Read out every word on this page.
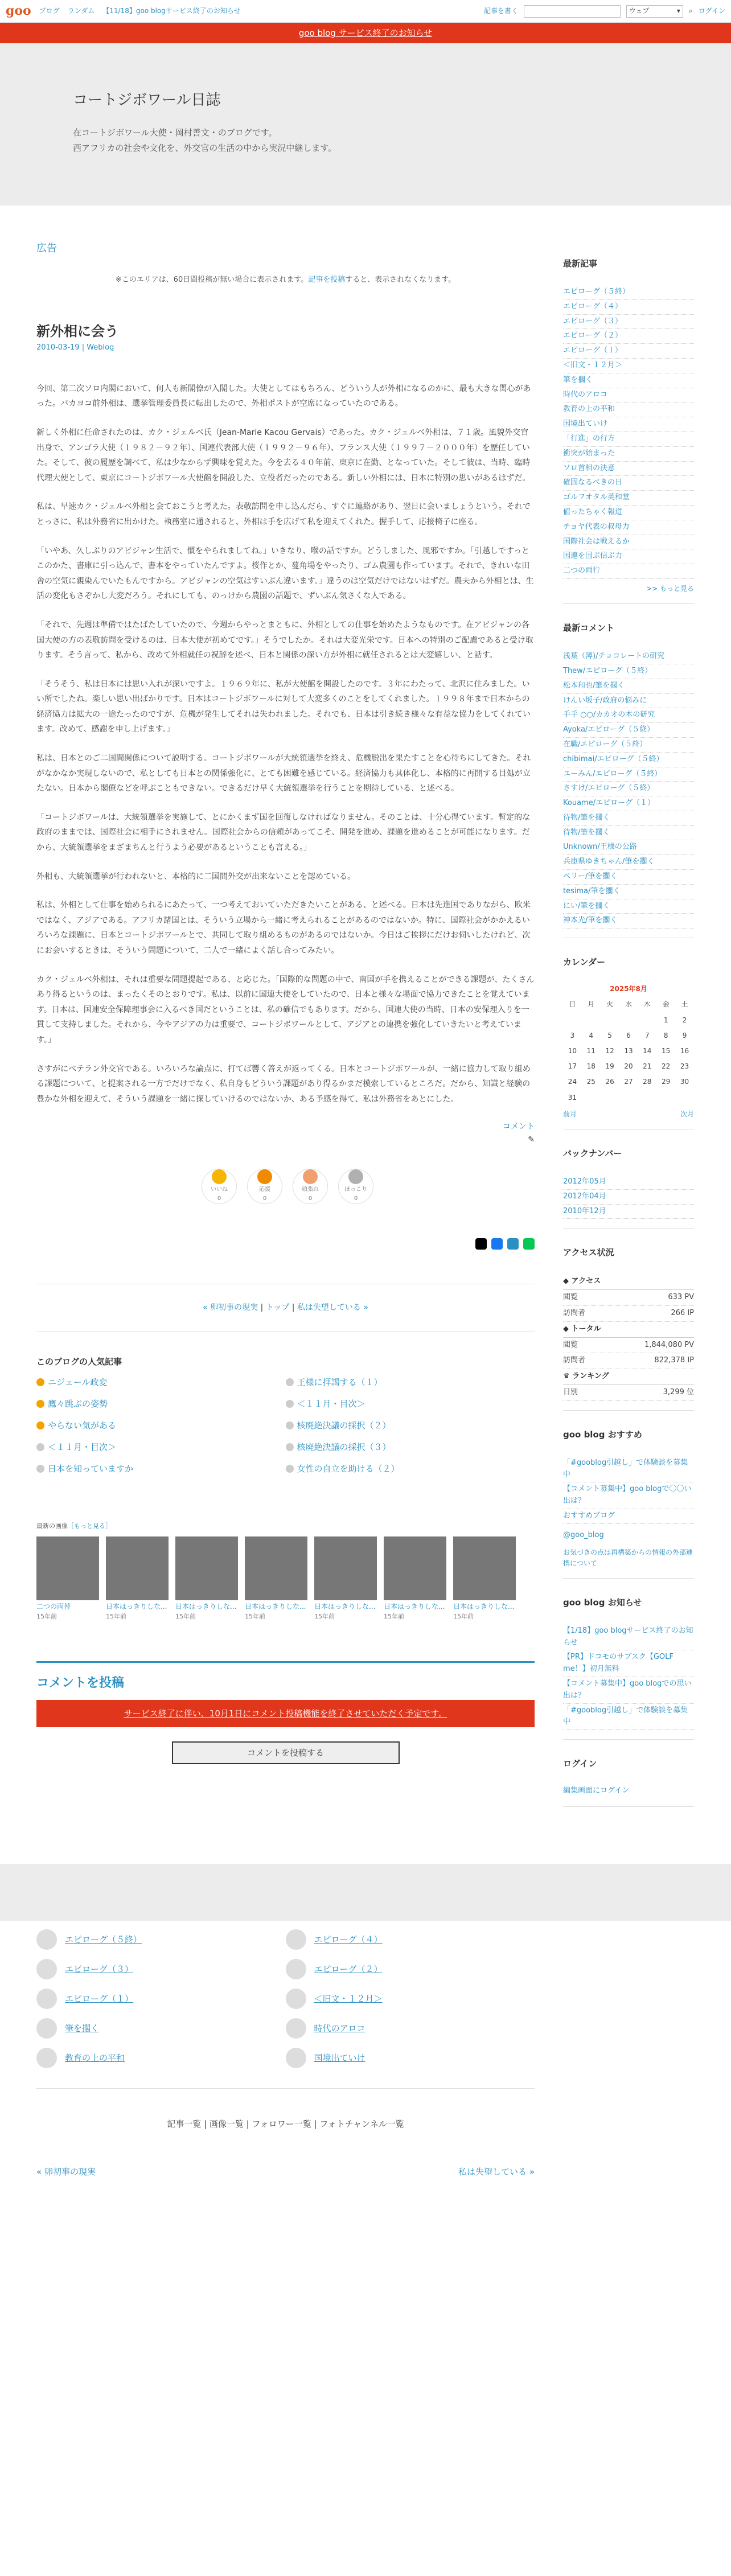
goo ブログ ランダム 【11/18】goo blogサービス終了のお知らせ	記事を書く	ウェブ	▾ ⌕ ログイン
goo blog サービス終了のお知らせ
コートジボワール日誌

在コートジボワール大使・岡村善文・のブログです。

西アフリカの社会や文化を、外交官の生活の中から実況中継します。

広告
※このエリアは、60日間投稿が無い場合に表示されます。記事を投稿すると、表示されなくなります。
新外相に会う
2010-03-19 | Weblog

今回、第二次ソロ内閣において、何人も新閣僚が入閣した。大使としてはもちろん、どういう人が外相になるのかに、最も大きな関心があった。バカヨコ前外相は、選挙管理委員長に転出したので、外相ポストが空席になっていたのである。

新しく外相に任命されたのは、カク・ジェルベ氏（Jean-Marie Kacou Gervais）であった。カク・ジェルベ外相は、７１歳。風貌外交官出身で、アンゴラ大使（１９８２－９２年）、国連代表部大使（１９９２－９６年）、フランス大使（１９９７－２０００年）を歴任していた。そして、彼の履歴を調べて、私は少なからず興味を覚えた。今を去る４０年前、東京に在勤、となっていた。そして彼は、当時、臨時代理大使として、東京にコートジボワール大使館を開設した、立役者だったのである。新しい外相には、日本に特別の思いがあるはずだ。

私は、早速カク・ジェルベ外相と会ておこうと考えた。表敬訪問を申し込んだら、すぐに連絡があり、翌日に会いましょうという。それでとっさに、私は外務省に出かけた。執務室に通されると、外相は手を広げて私を迎えてくれた。握手して、応接椅子に座る。

「いやあ、久しぶりのアビジャン生活で、慣をやられましてね。」いきなり、喉の話ですか。どうしました、風邪ですか。「引越しですっとこのかた、書庫に引っ込んで、書本をやっていたんですよ。桜作とか、蔓角場をやったり、ゴム農園も作っています。それで、きれいな田舎の空気に親染んでいたもんですから。アビジャンの空気はすいぶん違います。」違うのは空気だけではないはずだ。農夫から外相とは、生活の変化もさぞかし大変だろう。それにしても、のっけから農園の話題で、ずいぶん気さくな人である。

「それで、先週は準備ではたばたしていたので、今週からやっとまともに、外相としての仕事を始めたようなものです。在アビジャンの各国大使の方の表敬訪問を受けるのは、日本大使が初めてです。」そうでしたか。それは大変光栄です。日本への特別のご配慮であると受け取ります。そう言って、私から、改めて外相就任の祝辞を述べ、日本と関係の深い方が外相に就任されるとは大変嬉しい、と話す。

「そうそう、私は日本には思い入れが深いですよ。１９６９年に、私が大使館を開設したのです。３年にわたって、北沢に住みました。いい所でしたね。楽しい思い出ばかりです。日本はコートジボワールに対して大変多くのことをしてくれました。１９９８年まで日本からの経済協力は拡大の一途たったのですが、危機が発生してそれは失われました。それでも、日本は引き続き様々な有益な協力をしてくれています。改めて、感謝を申し上げます。」

私は、日本とのご二国間関係について説明する。コートジボワールが大統領選挙を終え、危機脱出を果たすことを心待ちにしてきた。それがなかなか実現しないので、私としても日本との関係強化に、とても困難を感じている。経済協力も具体化し、本格的に再開する目処が立たない。日本から閣僚などを呼ぶこともできない。できるだけ早く大統領選挙を行うことを期待している、と述べる。

「コートジボワールは、大統領選挙を実施して、とにかくまず国を回復しなければなりません。そのことは、十分心得ています。暫定的な政府のままでは、国際社会に相手にされません。国際社会からの信頼があってこそ、開発を進め、課題を進めることが可能になります。だから、大統領選挙をまざまちんと行うよう必要があるということも言える。」

外相も、大統領選挙が行われないと、本格的に二国間外交が出来ないことを認めている。

私は、外相として仕事を始められるにあたって、一つ考えておいていただきたいことがある、と述べる。日本は先進国でありながら、欧米ではなく、アジアである。アフリカ諸国とは、そういう立場から一緒に考えられることがあるのではないか。特に、国際社会がかかえるいろいろな課題に、日本とコートジボワールとで、共同して取り組めるものがあるのではないか。今日はご挨拶にだけお伺いしたけれど、次にお会いするときは、そういう問題について、二人で一緒によく話し合ってみたい。

カク・ジェルベ外相は、それは重要な問題提起である、と応じた。「国際的な問題の中で、南国が手を携えることができる課題が、たくさんあり得るというのは、まったくそのとおりです。私は、以前に国連大使をしていたので、日本と様々な場面で協力できたことを覚えています。日本は、国連安全保障理事会に入るべき国だということは、私の確信でもあります。だから、国連大使の当時、日本の安保理入りを一貫して支持しました。それから、今やアジアの力は重要で、コートジボワールとして、アジアとの連携を強化していきたいと考えています。」

さすがにベテラン外交官である。いろいろな論点に、打てば響く答えが返ってくる。日本とコートジボワールが、一緒に協力して取り組める課題について、と提案される一方でだけでなく、私自身もどういう課題があり得るかまだ模索しているところだ。だから、知識と経験の豊かな外相を迎えて、そういう課題を一緒に探していけるのではないか、ある予感を得て、私は外務省をあとにした。

コメント
✎
いいね
0
応援
0
頑張れ
0
ほっこり
0
« 卵初事の現実 | トップ | 私は失望している »
このブログの人気記事
ニジェール政変	王様に拝謁する（１）
鷹々跳ぶの姿勢	＜１１月・目次＞
やらない気がある	核廃絶決議の採択（２）
＜１１月・目次＞	核廃絶決議の採択（３）
日本を知っていますか	女性の自立を助ける（２）
最新の画像［もっと見る］
二つの両替
15年前
日本はっきりしな...
15年前
日本はっきりしな...
15年前
日本はっきりしな...
15年前
日本はっきりしな...
15年前
日本はっきりしな...
15年前
日本はっきりしな...
15年前
コメントを投稿
サービス終了に伴い、10月1日にコメント投稿機能を終了させていただく予定です。
コメントを投稿する
最新記事
エピローグ（５終）
エピローグ（４）
エピローグ（３）
エピローグ（２）
エピローグ（１）
＜旧文・１２月＞
筆を擱く
時代のアロコ
教育の上の平和
国境出ていけ
「行進」の行方
衝突が始まった
ソロ首相の決意
確固なるべきの日
ゴルフオタル英和堂
値ったちゃく報道
チョヤ代表の叔母力
国際社会は戦えるか
国連を国ぶ信ぶ力
二つの両行
>> もっと見る
最新コメント
浅葉（薄)/チョコレートの研究
Thew/エピローグ（５終）
松本和也/筆を擱く
けんい坂子/政府の悩みに
手手 ○○/カカオの木の研究
Ayoka/エピローグ（５終）
在職/エピローグ（５終）
chibimai/エピローグ（５終）
ユーみん/エピローグ（５終）
さすけ/エピローグ（５終）
Kouame/エピローグ（１）
待物/筆を擱く
待物/筆を擱く
Unknown/王様の公路
兵庫県ゆきちゃん/筆を擱く
ペリー/筆を擱く
tesima/筆を擱く
にい/筆を擱く
神本光/筆を擱く
カレンダー
2025年8月
日	月	火	水	木	金	土
					1	2
3	4	5	6	7	8	9
10	11	12	13	14	15	16
17	18	19	20	21	22	23
24	25	26	27	28	29	30
31						
前月	次月
バックナンバー
2012年05月
2012年04月
2010年12月
アクセス状況
◆ アクセス
閲覧	633 PV
訪問者	266 IP
◆ トータル
閲覧	1,844,080 PV
訪問者	822,378 IP
♛ ランキング
日別	3,299 位
goo blog おすすめ
「#gooblog引越し」で体験談を募集中
【コメント募集中】goo blogで〇〇い出は？
おすすめブログ
@goo_blog
お気づきの点は再構築からの情報の外部連携について
goo blog お知らせ
【1/18】goo blogサービス終了のお知らせ
【PR】ドコモのサブスク【GOLF me！】初月無料
【コメント募集中】goo blogでの思い出は？
「#gooblog引越し」で体験談を募集中
ログイン
編集画面にログイン
エピローグ（５終）	エピローグ（４）
エピローグ（３）	エピローグ（２）
エピローグ（１）	＜旧文・１２月＞
筆を擱く	時代のアロコ
教育の上の平和	国境出ていけ
記事一覧 | 画像一覧 | フォロワー一覧 | フォトチャンネル一覧
« 卵初事の現実	私は失望している »
